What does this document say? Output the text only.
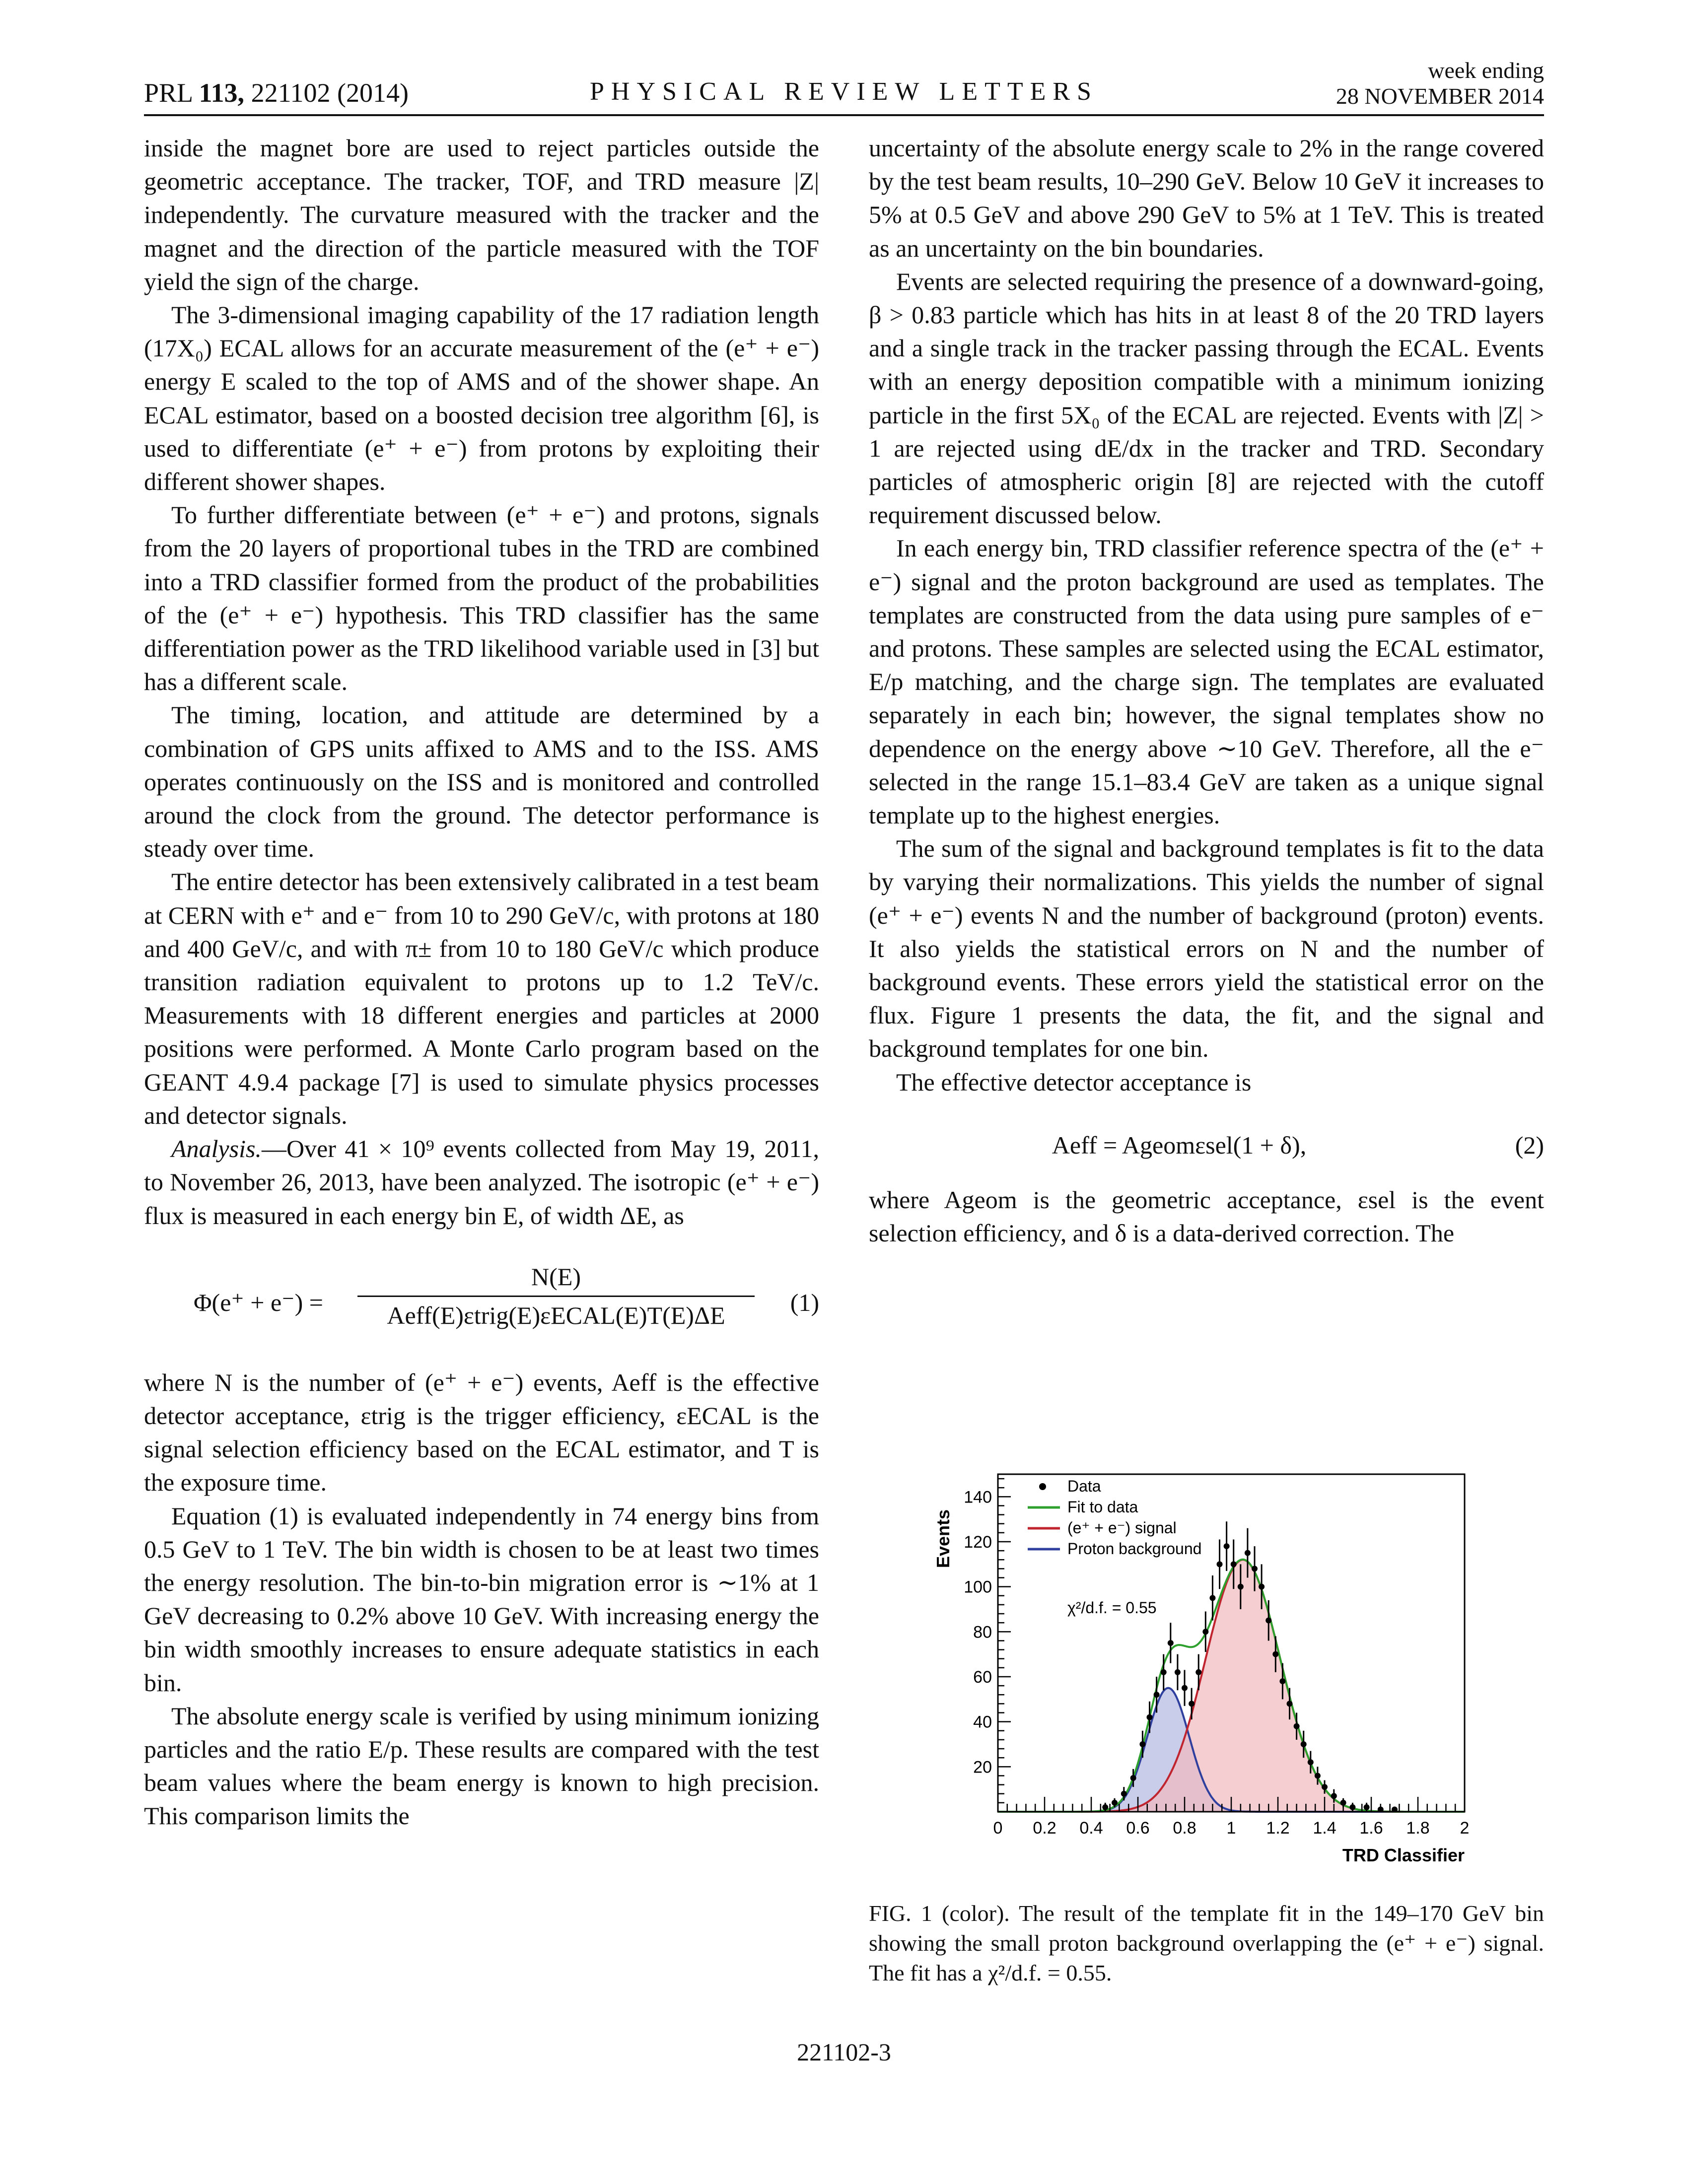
PRL 113, 221102 (2014)	PHYSICAL REVIEW LETTERS
week ending
28 NOVEMBER 2014

inside the magnet bore are used to reject particles outside the geometric acceptance. The tracker, TOF, and TRD measure |Z| independently. The curvature measured with the tracker and the magnet and the direction of the particle measured with the TOF yield the sign of the charge.

The 3-dimensional imaging capability of the 17 radiation length (17X₀) ECAL allows for an accurate measurement of the (e⁺ + e⁻) energy E scaled to the top of AMS and of the shower shape. An ECAL estimator, based on a boosted decision tree algorithm [6], is used to differentiate (e⁺ + e⁻) from protons by exploiting their different shower shapes.

To further differentiate between (e⁺ + e⁻) and protons, signals from the 20 layers of proportional tubes in the TRD are combined into a TRD classifier formed from the product of the probabilities of the (e⁺ + e⁻) hypothesis. This TRD classifier has the same differentiation power as the TRD likelihood variable used in [3] but has a different scale.

The timing, location, and attitude are determined by a combination of GPS units affixed to AMS and to the ISS. AMS operates continuously on the ISS and is monitored and controlled around the clock from the ground. The detector performance is steady over time.

The entire detector has been extensively calibrated in a test beam at CERN with e⁺ and e⁻ from 10 to 290 GeV/c, with protons at 180 and 400 GeV/c, and with π± from 10 to 180 GeV/c which produce transition radiation equivalent to protons up to 1.2 TeV/c. Measurements with 18 different energies and particles at 2000 positions were performed. A Monte Carlo program based on the GEANT 4.9.4 package [7] is used to simulate physics processes and detector signals.

Analysis.—Over 41 × 10⁹ events collected from May 19, 2011, to November 26, 2013, have been analyzed. The isotropic (e⁺ + e⁻) flux is measured in each energy bin E, of width ΔE, as

Φ(e⁺ + e⁻) =
N(E)
Aeff(E)εtrig(E)εECAL(E)T(E)ΔE	(1)

where N is the number of (e⁺ + e⁻) events, Aeff is the effective detector acceptance, εtrig is the trigger efficiency, εECAL is the signal selection efficiency based on the ECAL estimator, and T is the exposure time.

Equation (1) is evaluated independently in 74 energy bins from 0.5 GeV to 1 TeV. The bin width is chosen to be at least two times the energy resolution. The bin-to-bin migration error is ∼1% at 1 GeV decreasing to 0.2% above 10 GeV. With increasing energy the bin width smoothly increases to ensure adequate statistics in each bin.

The absolute energy scale is verified by using minimum ionizing particles and the ratio E/p. These results are compared with the test beam values where the beam energy is known to high precision. This comparison limits the

uncertainty of the absolute energy scale to 2% in the range covered by the test beam results, 10–290 GeV. Below 10 GeV it increases to 5% at 0.5 GeV and above 290 GeV to 5% at 1 TeV. This is treated as an uncertainty on the bin boundaries.

Events are selected requiring the presence of a downward-going, β > 0.83 particle which has hits in at least 8 of the 20 TRD layers and a single track in the tracker passing through the ECAL. Events with an energy deposition compatible with a minimum ionizing particle in the first 5X₀ of the ECAL are rejected. Events with |Z| > 1 are rejected using dE/dx in the tracker and TRD. Secondary particles of atmospheric origin [8] are rejected with the cutoff requirement discussed below.

In each energy bin, TRD classifier reference spectra of the (e⁺ + e⁻) signal and the proton background are used as templates. The templates are constructed from the data using pure samples of e⁻ and protons. These samples are selected using the ECAL estimator, E/p matching, and the charge sign. The templates are evaluated separately in each bin; however, the signal templates show no dependence on the energy above ∼10 GeV. Therefore, all the e⁻ selected in the range 15.1–83.4 GeV are taken as a unique signal template up to the highest energies.

The sum of the signal and background templates is fit to the data by varying their normalizations. This yields the number of signal (e⁺ + e⁻) events N and the number of background (proton) events. It also yields the statistical errors on N and the number of background events. These errors yield the statistical error on the flux. Figure 1 presents the data, the fit, and the signal and background templates for one bin.

The effective detector acceptance is

Aeff = Ageomεsel(1 + δ),	(2)

where Ageom is the geometric acceptance, εsel is the event selection efficiency, and δ is a data-derived correction. The

0 0.2 0.4 0.6 0.8 1 1.2 1.4 1.6 1.8 2
20
40
60
80
100
120
140
TRD Classifier
Events
Data
Fit to data
(e⁺ + e⁻) signal
Proton background
χ²/d.f. = 0.55

FIG. 1 (color). The result of the template fit in the 149–170 GeV bin showing the small proton background overlapping the (e⁺ + e⁻) signal. The fit has a χ²/d.f. = 0.55.

221102-3
